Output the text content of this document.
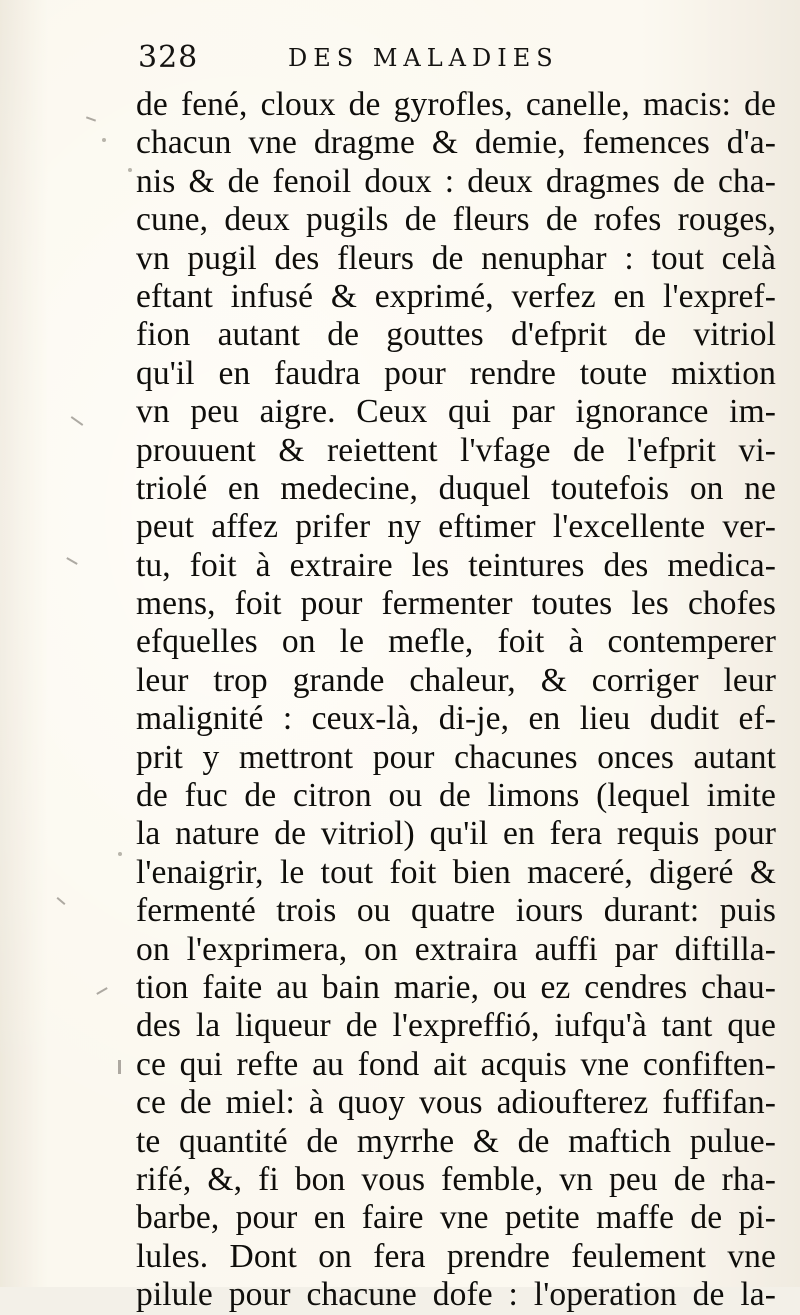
328	DES MALADIES
de fené, cloux de gyrofles, canelle, macis: de
chacun vne dragme & demie, femences d'a-
nis & de fenoil doux : deux dragmes de cha-
cune, deux pugils de fleurs de rofes rouges,
vn pugil des fleurs de nenuphar : tout celà
eftant infusé & exprimé, verfez en l'expref-
fion autant de gouttes d'efprit de vitriol
qu'il en faudra pour rendre toute mixtion
vn peu aigre. Ceux qui par ignorance im-
prouuent & reiettent l'vfage de l'efprit vi-
triolé en medecine, duquel toutefois on ne
peut affez prifer ny eftimer l'excellente ver-
tu, foit à extraire les teintures des medica-
mens, foit pour fermenter toutes les chofes
efquelles on le mefle, foit à contemperer
leur trop grande chaleur, & corriger leur
malignité : ceux-là, di-je, en lieu dudit ef-
prit y mettront pour chacunes onces autant
de fuc de citron ou de limons (lequel imite
la nature de vitriol) qu'il en fera requis pour
l'enaigrir, le tout foit bien maceré, digeré &
fermenté trois ou quatre iours durant: puis
on l'exprimera, on extraira auffi par diftilla-
tion faite au bain marie, ou ez cendres chau-
des la liqueur de l'expreffió, iufqu'à tant que
ce qui refte au fond ait acquis vne confiften-
ce de miel: à quoy vous adioufterez fuffifan-
te quantité de myrrhe & de maftich pulue-
rifé, &, fi bon vous femble, vn peu de rha-
barbe, pour en faire vne petite maffe de pi-
lules. Dont on fera prendre feulement vne
pilule pour chacune dofe : l'operation de la-
